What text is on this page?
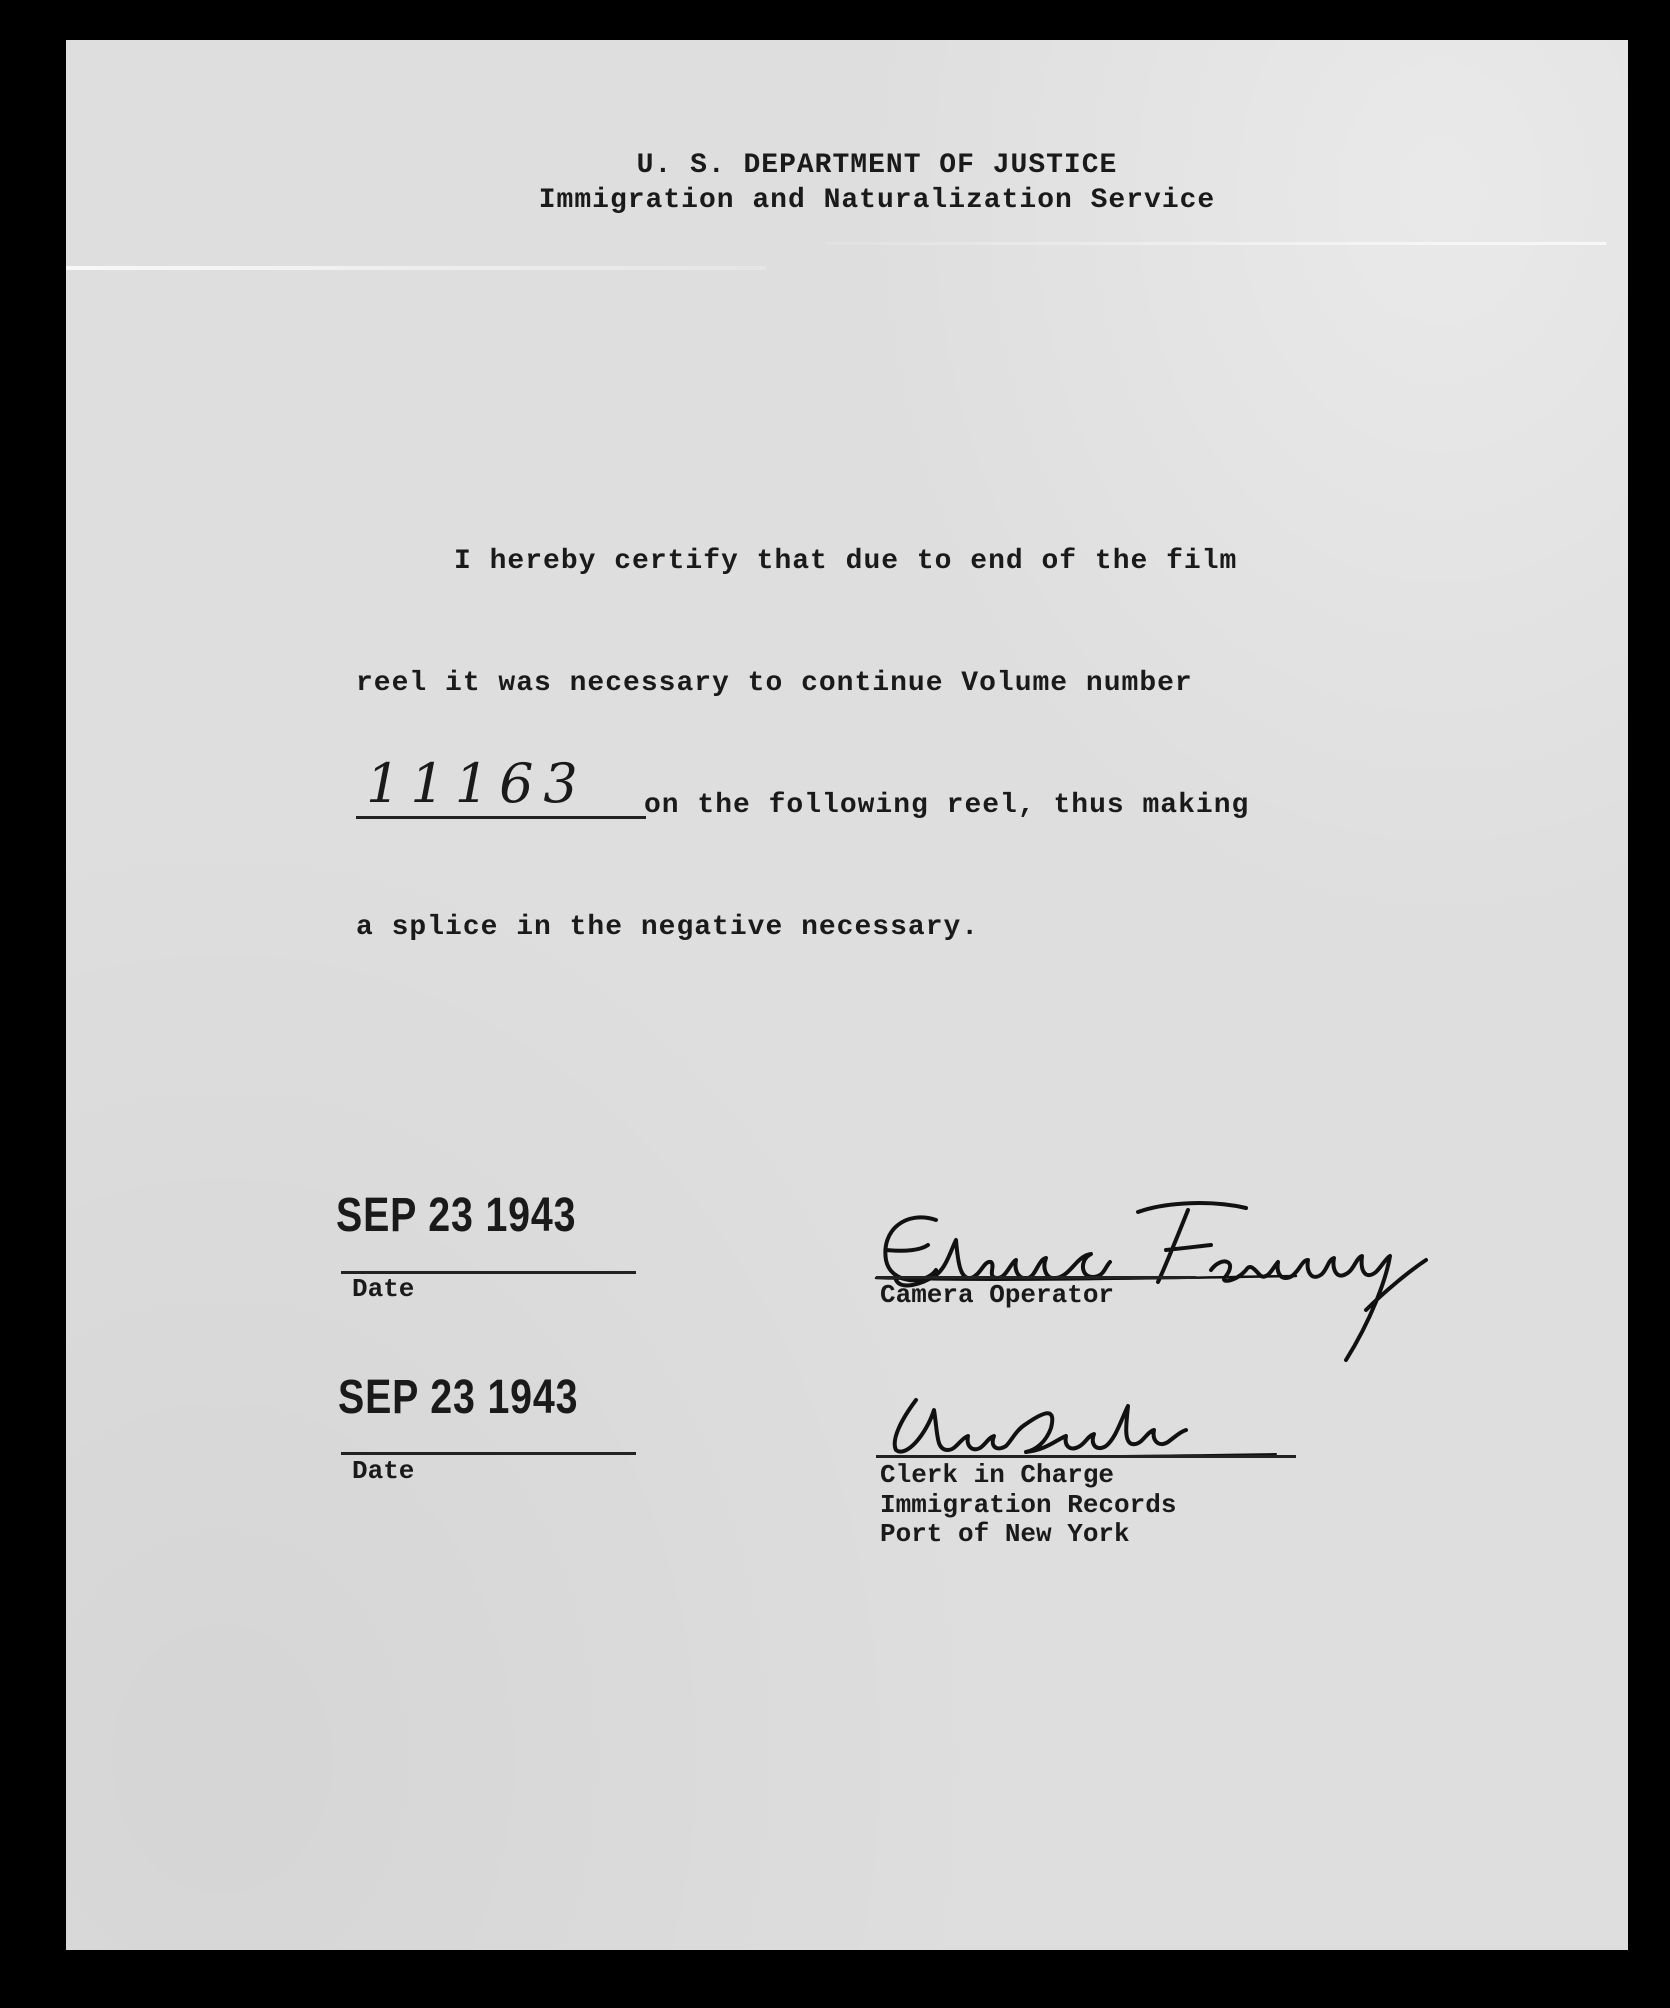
U. S. DEPARTMENT OF JUSTICE
Immigration and Naturalization Service
I hereby certify that due to end of the film
reel it was necessary to continue Volume number
11163	on the following reel, thus making
a splice in the negative necessary.
SEP 23 1943
Date
SEP 23 1943
Date
Camera Operator
Clerk in Charge
Immigration Records
Port of New York
